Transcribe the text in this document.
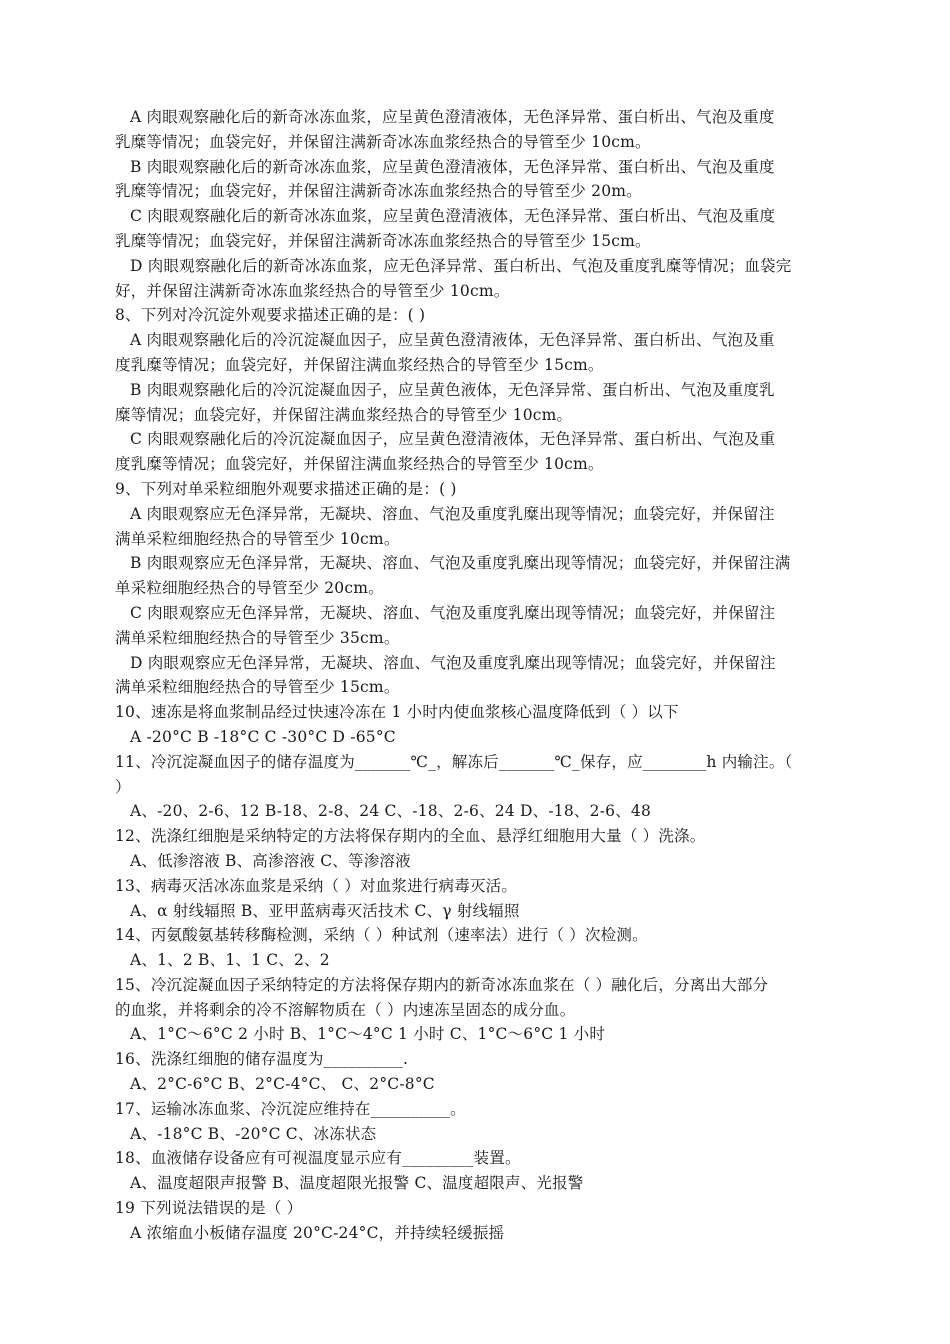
A 肉眼观察融化后的新奇冰冻血浆，应呈黄色澄清液体，无色泽异常、蛋白析出、气泡及重度
乳糜等情况；血袋完好，并保留注满新奇冰冻血浆经热合的导管至少 10cm。
B 肉眼观察融化后的新奇冰冻血浆，应呈黄色澄清液体，无色泽异常、蛋白析出、气泡及重度
乳糜等情况；血袋完好，并保留注满新奇冰冻血浆经热合的导管至少 20m。
C 肉眼观察融化后的新奇冰冻血浆，应呈黄色澄清液体，无色泽异常、蛋白析出、气泡及重度
乳糜等情况；血袋完好，并保留注满新奇冰冻血浆经热合的导管至少 15cm。
D 肉眼观察融化后的新奇冰冻血浆，应无色泽异常、蛋白析出、气泡及重度乳糜等情况；血袋完
好，并保留注满新奇冰冻血浆经热合的导管至少 10cm。
8、下列对冷沉淀外观要求描述正确的是：( )
A 肉眼观察融化后的冷沉淀凝血因子，应呈黄色澄清液体，无色泽异常、蛋白析出、气泡及重
度乳糜等情况；血袋完好，并保留注满血浆经热合的导管至少 15cm。
B 肉眼观察融化后的冷沉淀凝血因子，应呈黄色液体，无色泽异常、蛋白析出、气泡及重度乳
糜等情况；血袋完好，并保留注满血浆经热合的导管至少 10cm。
C 肉眼观察融化后的冷沉淀凝血因子，应呈黄色澄清液体，无色泽异常、蛋白析出、气泡及重
度乳糜等情况；血袋完好，并保留注满血浆经热合的导管至少 10cm。
9、下列对单采粒细胞外观要求描述正确的是：( )
A 肉眼观察应无色泽异常，无凝块、溶血、气泡及重度乳糜出现等情况；血袋完好，并保留注
满单采粒细胞经热合的导管至少 10cm。
B 肉眼观察应无色泽异常，无凝块、溶血、气泡及重度乳糜出现等情况；血袋完好，并保留注满
单采粒细胞经热合的导管至少 20cm。
C 肉眼观察应无色泽异常，无凝块、溶血、气泡及重度乳糜出现等情况；血袋完好，并保留注
满单采粒细胞经热合的导管至少 35cm。
D 肉眼观察应无色泽异常，无凝块、溶血、气泡及重度乳糜出现等情况；血袋完好，并保留注
满单采粒细胞经热合的导管至少 15cm。
10、速冻是将血浆制品经过快速冷冻在 1 小时内使血浆核心温度降低到（ ）以下
A -20°C B -18°C C -30°C D -65°C
11、冷沉淀凝血因子的储存温度为_______℃_，解冻后_______℃_保存，应________h 内输注。（
）
A、-20、2-6、12 B-18、2-8、24 C、-18、2-6、24 D、-18、2-6、48
12、洗涤红细胞是采纳特定的方法将保存期内的全血、悬浮红细胞用大量（ ）洗涤。
A、低渗溶液 B、高渗溶液 C、等渗溶液
13、病毒灭活冰冻血浆是采纳（ ）对血浆进行病毒灭活。
A、α 射线辐照 B、亚甲蓝病毒灭活技术 C、γ 射线辐照
14、丙氨酸氨基转移酶检测，采纳（ ）种试剂（速率法）进行（ ）次检测。
A、1、2 B、1、1 C、2、2
15、冷沉淀凝血因子采纳特定的方法将保存期内的新奇冰冻血浆在（ ）融化后，分离出大部分
的血浆，并将剩余的冷不溶解物质在（ ）内速冻呈固态的成分血。
A、1°C～6°C 2 小时 B、1°C～4°C 1 小时 C、1°C～6°C 1 小时
16、洗涤红细胞的储存温度为__________.
A、2°C-6°C B、2°C-4°C、 C、2°C-8°C
17、运输冰冻血浆、冷沉淀应维持在__________。
A、-18°C B、-20°C C、冰冻状态
18、血液储存设备应有可视温度显示应有_________装置。
A、温度超限声报警 B、温度超限光报警 C、温度超限声、光报警
19 下列说法错误的是（ ）
A 浓缩血小板储存温度 20°C-24°C，并持续轻缓振摇
